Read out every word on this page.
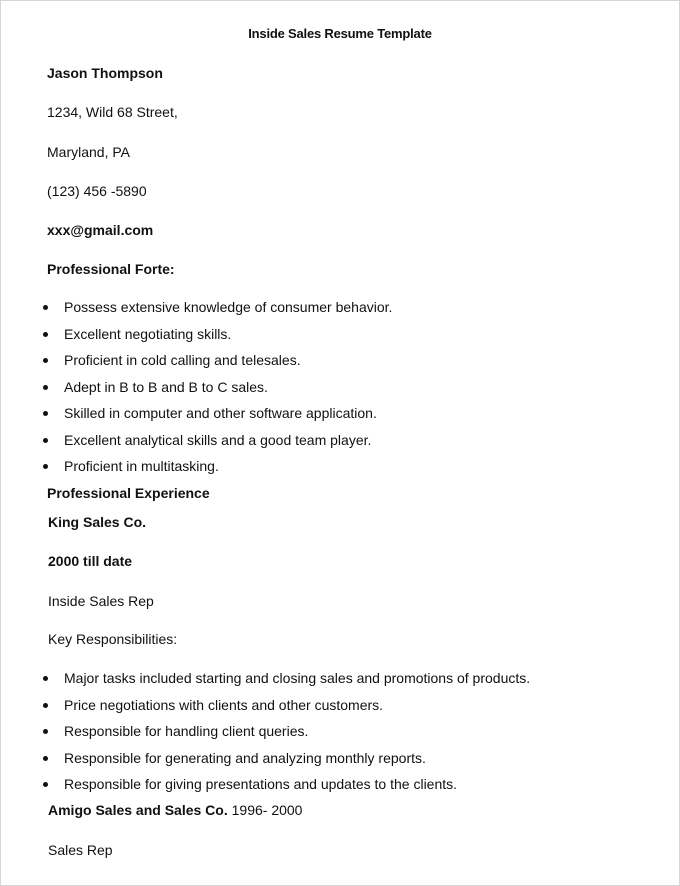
Inside Sales Resume Template
Jason Thompson
1234, Wild 68 Street,
Maryland, PA
(123) 456 -5890
xxx@gmail.com
Professional Forte:
Possess extensive knowledge of consumer behavior.
Excellent negotiating skills.
Proficient in cold calling and telesales.
Adept in B to B and B to C sales.
Skilled in computer and other software application.
Excellent analytical skills and a good team player.
Proficient in multitasking.
Professional Experience
King Sales Co.
2000 till date
Inside Sales Rep
Key Responsibilities:
Major tasks included starting and closing sales and promotions of products.
Price negotiations with clients and other customers.
Responsible for handling client queries.
Responsible for generating and analyzing monthly reports.
Responsible for giving presentations and updates to the clients.
Amigo Sales and Sales Co. 1996- 2000
Sales Rep
